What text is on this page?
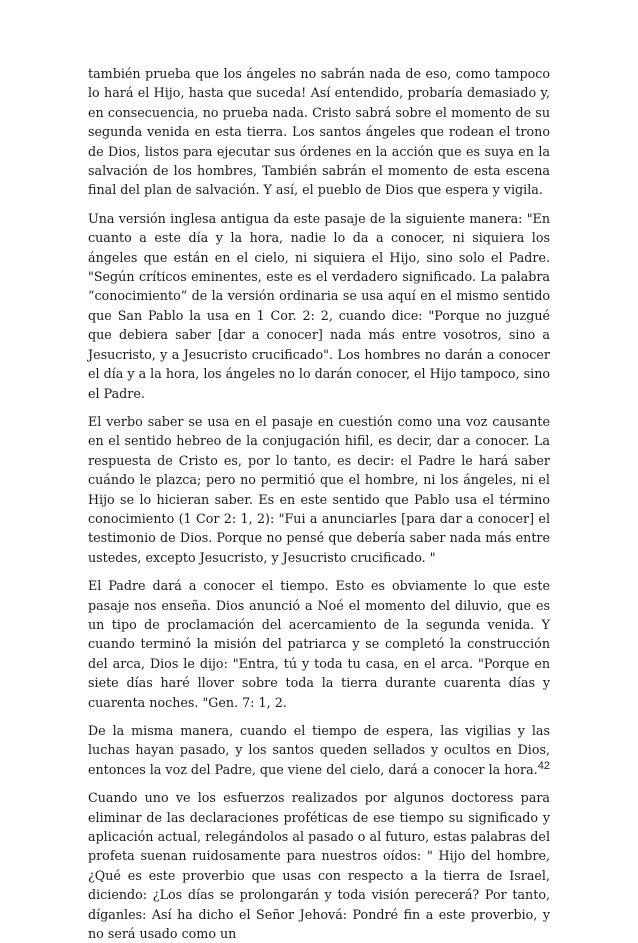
también prueba que los ángeles no sabrán nada de eso, como tampoco lo hará el Hijo, hasta que suceda! Así entendido, probaría demasiado y, en consecuencia, no prueba nada. Cristo sabrá sobre el momento de su segunda venida en esta tierra. Los santos ángeles que rodean el trono de Dios, listos para ejecutar sus órdenes en la acción que es suya en la salvación de los hombres, También sabrán el momento de esta escena final del plan de salvación. Y así, el pueblo de Dios que espera y vigila.

Una versión inglesa antigua da este pasaje de la siguiente manera: "En cuanto a este día y la hora, nadie lo da a conocer, ni siquiera los ángeles que están en el cielo, ni siquiera el Hijo, sino solo el Padre. "Según críticos eminentes, este es el verdadero significado. La palabra “conocimiento” de la versión ordinaria se usa aquí en el mismo sentido que San Pablo la usa en 1 Cor. 2: 2, cuando dice: "Porque no juzgué que debiera saber [dar a conocer] nada más entre vosotros, sino a Jesucristo, y a Jesucristo crucificado". Los hombres no darán a conocer el día y a la hora, los ángeles no lo darán conocer, el Hijo tampoco, sino el Padre.

El verbo saber se usa en el pasaje en cuestión como una voz causante en el sentido hebreo de la conjugación hifil, es decir, dar a conocer. La respuesta de Cristo es, por lo tanto, es decir: el Padre le hará saber cuándo le plazca; pero no permitió que el hombre, ni los ángeles, ni el Hijo se lo hicieran saber. Es en este sentido que Pablo usa el término conocimiento (1 Cor 2: 1, 2): "Fui a anunciarles [para dar a conocer] el testimonio de Dios. Porque no pensé que debería saber nada más entre ustedes, excepto Jesucristo, y Jesucristo crucificado. "

El Padre dará a conocer el tiempo. Esto es obviamente lo que este pasaje nos enseña. Dios anunció a Noé el momento del diluvio, que es un tipo de proclamación del acercamiento de la segunda venida. Y cuando terminó la misión del patriarca y se completó la construcción del arca, Dios le dijo: "Entra, tú y toda tu casa, en el arca. "Porque en siete días haré llover sobre toda la tierra durante cuarenta días y cuarenta noches. "Gen. 7: 1, 2.

De la misma manera, cuando el tiempo de espera, las vigilias y las luchas hayan pasado, y los santos queden sellados y ocultos en Dios, entonces la voz del Padre, que viene del cielo, dará a conocer la hora.

Cuando uno ve los esfuerzos realizados por algunos doctoress para eliminar de las declaraciones proféticas de ese tiempo su significado y aplicación actual, relegándolos al pasado o al futuro, estas palabras del profeta suenan ruidosamente para nuestros oídos: " Hijo del hombre, ¿Qué es este proverbio que usas con respecto a la tierra de Israel, diciendo: ¿Los días se prolongarán y toda visión perecerá? Por tanto, díganles: Así ha dicho el Señor Jehová: Pondré fin a este proverbio, y no será usado como un

42
